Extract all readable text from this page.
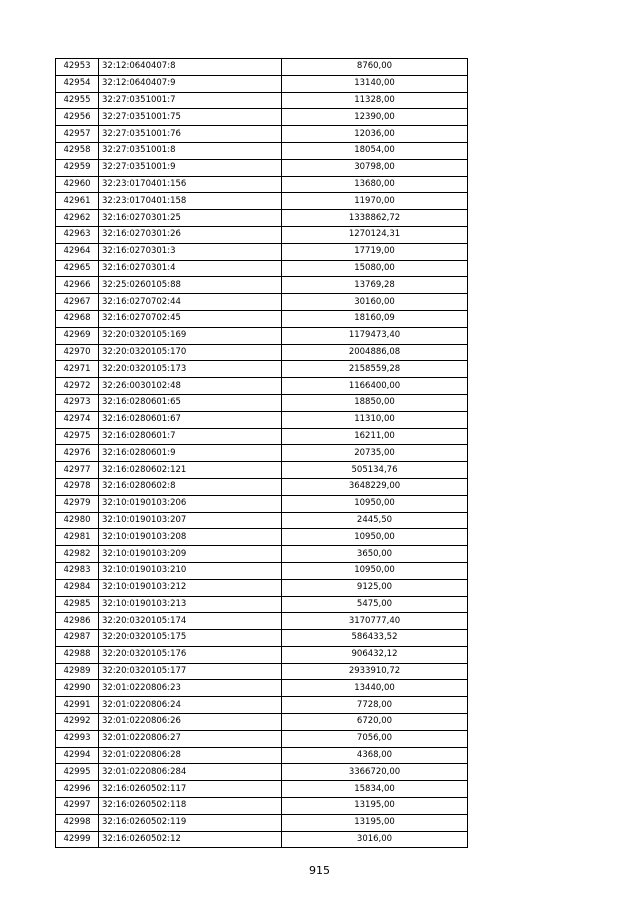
42953	32:12:0640407:8	8760,00
42954	32:12:0640407:9	13140,00
42955	32:27:0351001:7	11328,00
42956	32:27:0351001:75	12390,00
42957	32:27:0351001:76	12036,00
42958	32:27:0351001:8	18054,00
42959	32:27:0351001:9	30798,00
42960	32:23:0170401:156	13680,00
42961	32:23:0170401:158	11970,00
42962	32:16:0270301:25	1338862,72
42963	32:16:0270301:26	1270124,31
42964	32:16:0270301:3	17719,00
42965	32:16:0270301:4	15080,00
42966	32:25:0260105:88	13769,28
42967	32:16:0270702:44	30160,00
42968	32:16:0270702:45	18160,09
42969	32:20:0320105:169	1179473,40
42970	32:20:0320105:170	2004886,08
42971	32:20:0320105:173	2158559,28
42972	32:26:0030102:48	1166400,00
42973	32:16:0280601:65	18850,00
42974	32:16:0280601:67	11310,00
42975	32:16:0280601:7	16211,00
42976	32:16:0280601:9	20735,00
42977	32:16:0280602:121	505134,76
42978	32:16:0280602:8	3648229,00
42979	32:10:0190103:206	10950,00
42980	32:10:0190103:207	2445,50
42981	32:10:0190103:208	10950,00
42982	32:10:0190103:209	3650,00
42983	32:10:0190103:210	10950,00
42984	32:10:0190103:212	9125,00
42985	32:10:0190103:213	5475,00
42986	32:20:0320105:174	3170777,40
42987	32:20:0320105:175	586433,52
42988	32:20:0320105:176	906432,12
42989	32:20:0320105:177	2933910,72
42990	32:01:0220806:23	13440,00
42991	32:01:0220806:24	7728,00
42992	32:01:0220806:26	6720,00
42993	32:01:0220806:27	7056,00
42994	32:01:0220806:28	4368,00
42995	32:01:0220806:284	3366720,00
42996	32:16:0260502:117	15834,00
42997	32:16:0260502:118	13195,00
42998	32:16:0260502:119	13195,00
42999	32:16:0260502:12	3016,00
915
